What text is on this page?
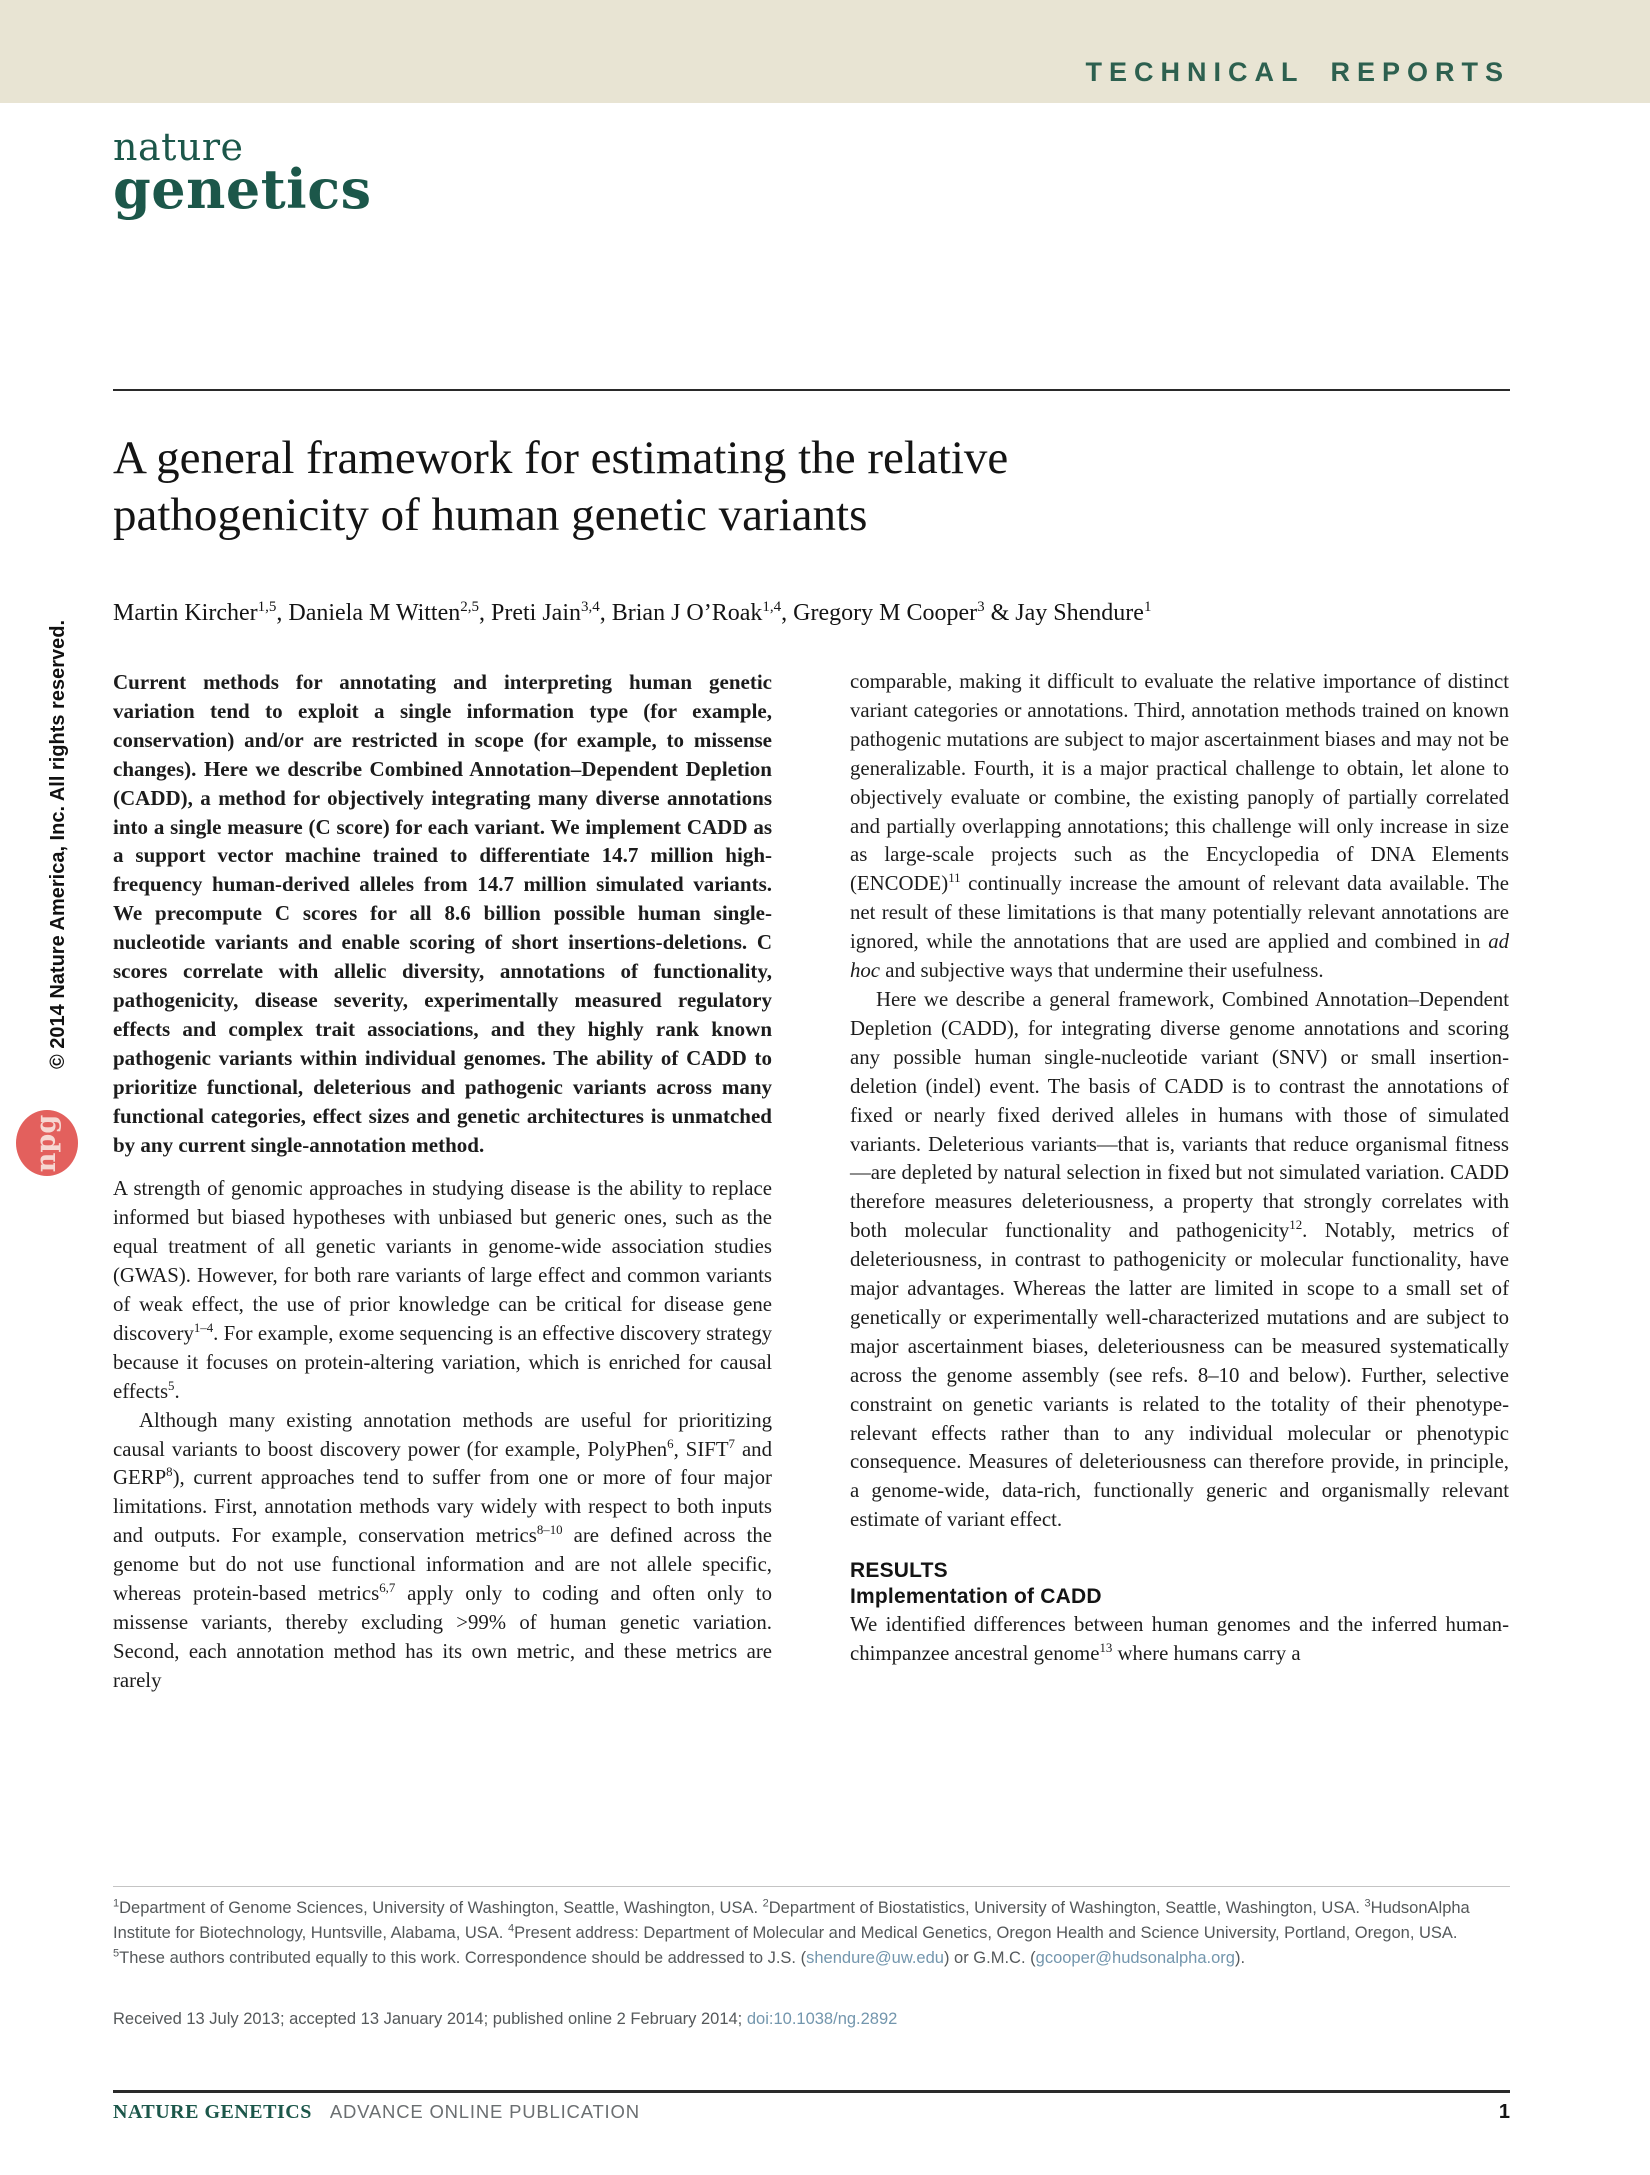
TECHNICAL REPORTS
nature
genetics
© 2014 Nature America, Inc. All rights reserved.
npg
A general framework for estimating the relative pathogenicity of human genetic variants

Martin Kircher$^{1,5}$, Daniela M Witten$^{2,5}$, Preti Jain$^{3,4}$, Brian J O’Roak$^{1,4}$, Gregory M Cooper$^3$ & Jay Shendure$^1$

Current methods for annotating and interpreting human genetic variation tend to exploit a single information type (for example, conservation) and/or are restricted in scope (for example, to missense changes). Here we describe Combined Annotation–Dependent Depletion (CADD), a method for objectively integrating many diverse annotations into a single measure (C score) for each variant. We implement CADD as a support vector machine trained to differentiate 14.7 million high-frequency human-derived alleles from 14.7 million simulated variants. We precompute C scores for all 8.6 billion possible human single-nucleotide variants and enable scoring of short insertions-deletions. C scores correlate with allelic diversity, annotations of functionality, pathogenicity, disease severity, experimentally measured regulatory effects and complex trait associations, and they highly rank known pathogenic variants within individual genomes. The ability of CADD to prioritize functional, deleterious and pathogenic variants across many functional categories, effect sizes and genetic architectures is unmatched by any current single-annotation method.

A strength of genomic approaches in studying disease is the ability to replace informed but biased hypotheses with unbiased but generic ones, such as the equal treatment of all genetic variants in genome-wide association studies (GWAS). However, for both rare variants of large effect and common variants of weak effect, the use of prior knowledge can be critical for disease gene discovery$^{1-4}$. For example, exome sequencing is an effective discovery strategy because it focuses on protein-altering variation, which is enriched for causal effects$^5$.

Although many existing annotation methods are useful for prioritizing causal variants to boost discovery power (for example, PolyPhen$^6$, SIFT$^7$ and GERP$^8$), current approaches tend to suffer from one or more of four major limitations. First, annotation methods vary widely with respect to both inputs and outputs. For example, conservation metrics$^{8-10}$ are defined across the genome but do not use functional information and are not allele specific, whereas protein-based metrics$^{6,7}$ apply only to coding and often only to missense variants, thereby excluding >99% of human genetic variation. Second, each annotation method has its own metric, and these metrics are rarely

comparable, making it difficult to evaluate the relative importance of distinct variant categories or annotations. Third, annotation methods trained on known pathogenic mutations are subject to major ascertainment biases and may not be generalizable. Fourth, it is a major practical challenge to obtain, let alone to objectively evaluate or combine, the existing panoply of partially correlated and partially overlapping annotations; this challenge will only increase in size as large-scale projects such as the Encyclopedia of DNA Elements (ENCODE)$^{11}$ continually increase the amount of relevant data available. The net result of these limitations is that many potentially relevant annotations are ignored, while the annotations that are used are applied and combined in ad hoc and subjective ways that undermine their usefulness.

Here we describe a general framework, Combined Annotation–Dependent Depletion (CADD), for integrating diverse genome annotations and scoring any possible human single-nucleotide variant (SNV) or small insertion-deletion (indel) event. The basis of CADD is to contrast the annotations of fixed or nearly fixed derived alleles in humans with those of simulated variants. Deleterious variants—that is, variants that reduce organismal fitness—are depleted by natural selection in fixed but not simulated variation. CADD therefore measures deleteriousness, a property that strongly correlates with both molecular functionality and pathogenicity$^{12}$. Notably, metrics of deleteriousness, in contrast to pathogenicity or molecular functionality, have major advantages. Whereas the latter are limited in scope to a small set of genetically or experimentally well-characterized mutations and are subject to major ascertainment biases, deleteriousness can be measured systematically across the genome assembly (see refs. 8–10 and below). Further, selective constraint on genetic variants is related to the totality of their phenotype-relevant effects rather than to any individual molecular or phenotypic consequence. Measures of deleteriousness can therefore provide, in principle, a genome-wide, data-rich, functionally generic and organismally relevant estimate of variant effect.

RESULTS
Implementation of CADD

We identified differences between human genomes and the inferred human-chimpanzee ancestral genome$^{13}$ where humans carry a

$^1$Department of Genome Sciences, University of Washington, Seattle, Washington, USA. $^2$Department of Biostatistics, University of Washington, Seattle, Washington, USA. $^3$HudsonAlpha Institute for Biotechnology, Huntsville, Alabama, USA. $^4$Present address: Department of Molecular and Medical Genetics, Oregon Health and Science University, Portland, Oregon, USA. $^5$These authors contributed equally to this work. Correspondence should be addressed to J.S. (shendure@uw.edu) or G.M.C. (gcooper@hudsonalpha.org).
Received 13 July 2013; accepted 13 January 2014; published online 2 February 2014; doi:10.1038/ng.2892
NATURE GENETICS ADVANCE ONLINE PUBLICATION	1
